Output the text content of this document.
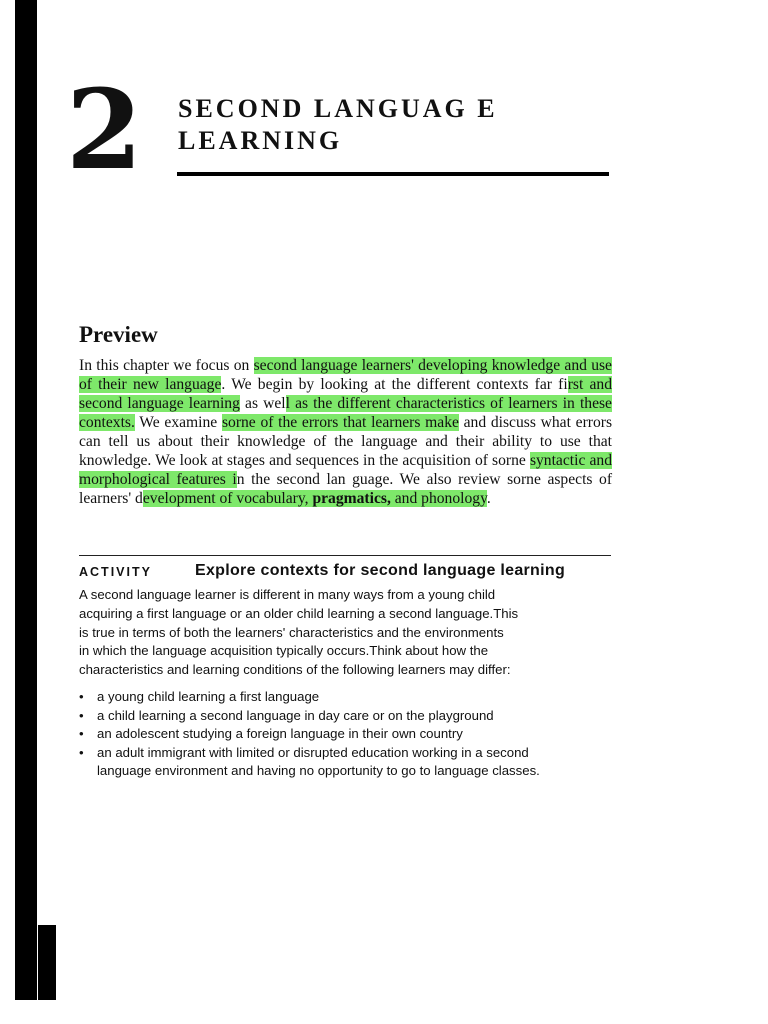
2 SECOND LANGUAG E
LEARNING
Preview
In this chapter we focus on second language learners' developing knowledge and use of their new language. We begin by looking at the different contexts far first and second language learning as well as the different characteristics of learners in these contexts. We examine sorne of the errors that learners make and discuss what errors can tell us about their knowledge of the language and their ability to use that knowledge. We look at stages and sequences in the acquisition of sorne syntactic and morphological features in the second lan guage. We also review sorne aspects of learners' development of vocabulary, pragmatics, and phonology.
ACTIVITY	Explore contexts for second language learning
A second language learner is different in many ways from a young child
acquiring a first language or an older child learning a second language.This
is true in terms of both the learners' characteristics and the environments
in which the language acquisition typically occurs.Think about how the
characteristics and learning conditions of the following learners may differ:
• a young child learning a first language
• a child learning a second language in day care or on the playground
• an adolescent studying a foreign language in their own country
• an adult immigrant with limited or disrupted education working in a second
language environment and having no opportunity to go to language classes.
